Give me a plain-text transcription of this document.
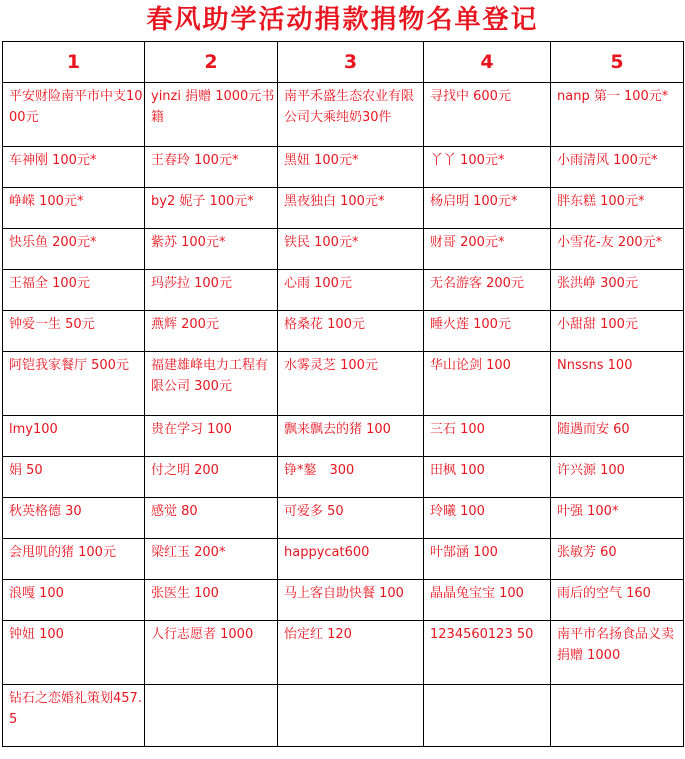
春风助学活动捐款捐物名单登记
1	2	3	4	5
平安财险南平市中支1000元	yinzi 捐赠 1000元书籍	南平禾盛生态农业有限公司大乘纯奶30件	寻找中 600元	nanp 第一 100元*
车神刚 100元*	王春玲 100元*	黑妞 100元*	丫丫 100元*	小雨清风 100元*
峥嵘 100元*	by2 妮子 100元*	黑夜独白 100元*	杨启明 100元*	胖东糕 100元*
快乐鱼 200元*	紫苏 100元*	铁民 100元*	财哥 200元*	小雪花-友 200元*
王福全 100元	玛莎拉 100元	心雨 100元	无名游客 200元	张洪峥 300元
钟爱一生 50元	燕辉 200元	格桑花 100元	睡火莲 100元	小甜甜 100元
阿铠我家餐厅 500元	福建雄峰电力工程有限公司 300元	水雾灵芝 100元	华山论剑 100	Nnssns 100
lmy100	贵在学习 100	飘来飘去的猪 100	三石 100	随遇而安 60
娟 50	付之明 200	铮*鏊　300	田枫 100	许兴源 100
秋英格德 30	感觉 80	可爱多 50	玲曦 100	叶强 100*
会甩叽的猪 100元	梁红玉 200*	happycat600	叶郜涵 100	张敏芳 60
浪嘎 100	张医生 100	马上客自助快餐 100	晶晶兔宝宝 100	雨后的空气 160
钟妞 100	人行志愿者 1000	怡定红 120	1234560123 50	南平市名扬食品义卖捐赠 1000
钻石之恋婚礼策划457.5				
